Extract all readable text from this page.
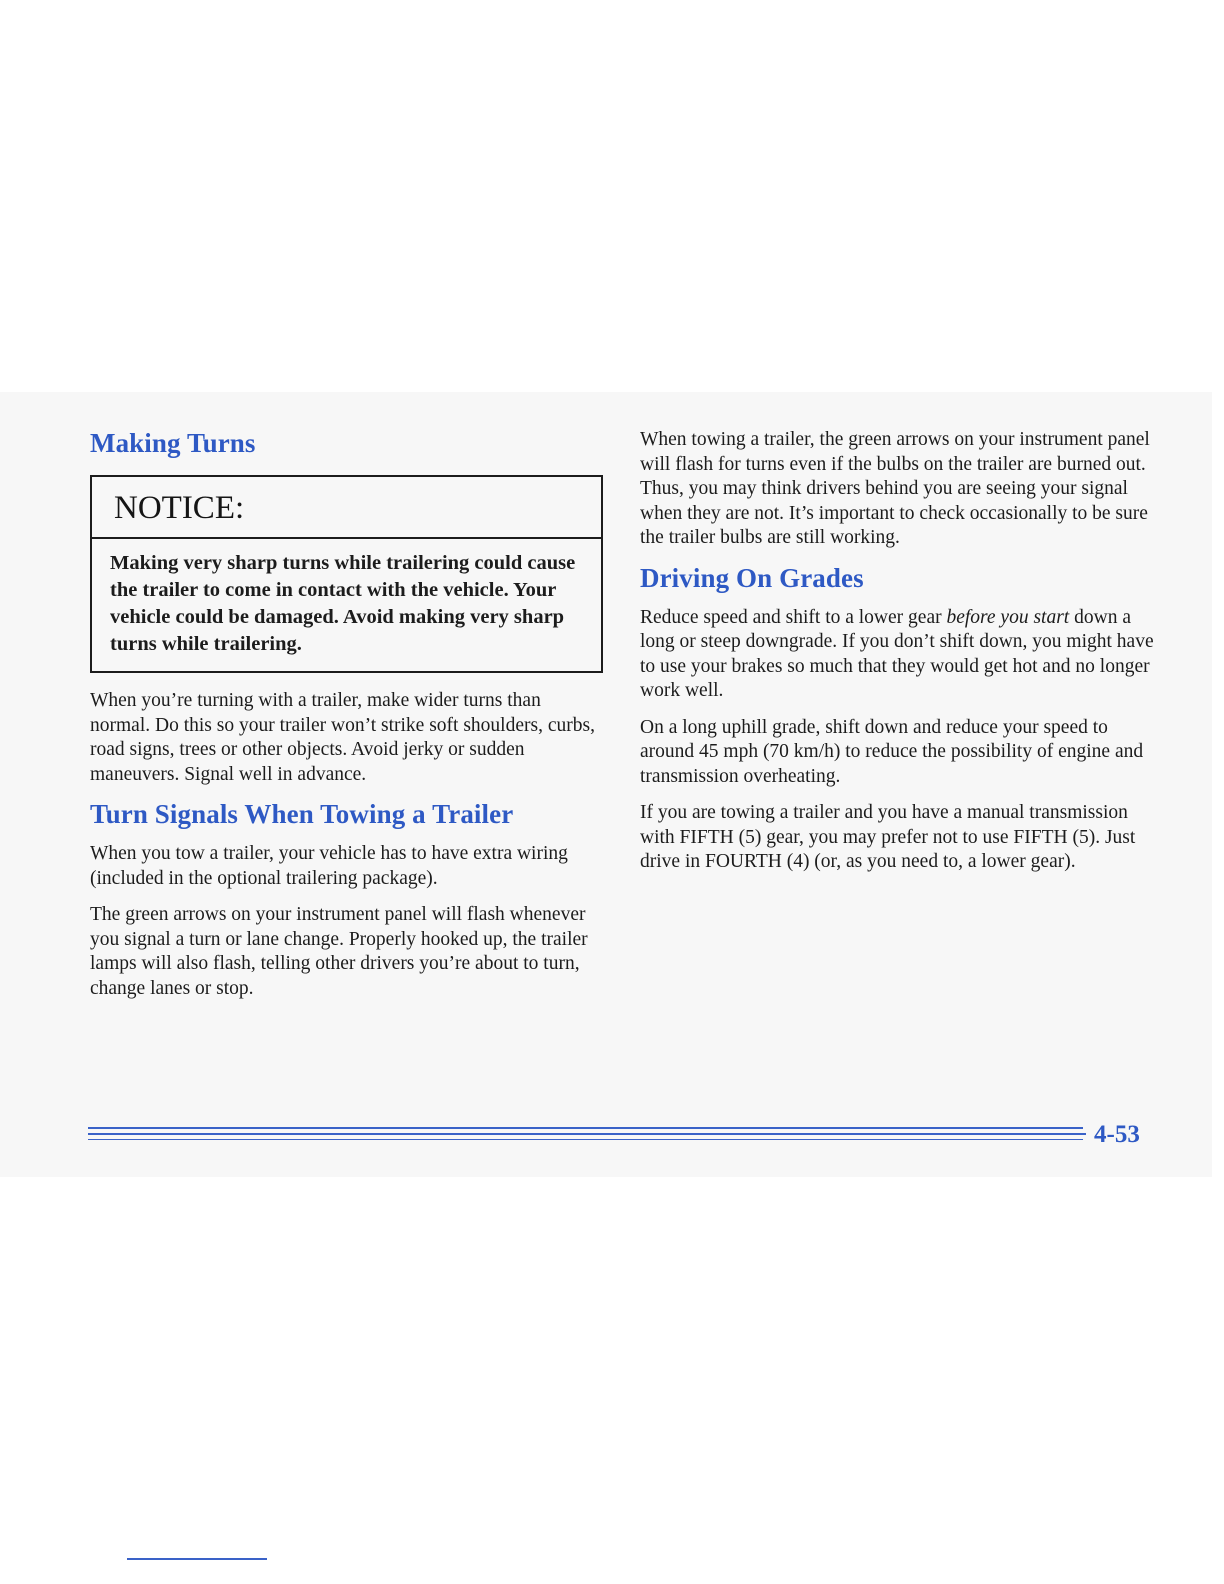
Making Turns
NOTICE:
Making very sharp turns while trailering could cause the trailer to come in contact with the vehicle. Your vehicle could be damaged. Avoid making very sharp turns while trailering.

When you’re turning with a trailer, make wider turns than normal. Do this so your trailer won’t strike soft shoulders, curbs, road signs, trees or other objects. Avoid jerky or sudden maneuvers. Signal well in advance.

Turn Signals When Towing a Trailer

When you tow a trailer, your vehicle has to have extra wiring (included in the optional trailering package).

The green arrows on your instrument panel will flash whenever you signal a turn or lane change. Properly hooked up, the trailer lamps will also flash, telling other drivers you’re about to turn, change lanes or stop.

When towing a trailer, the green arrows on your instrument panel will flash for turns even if the bulbs on the trailer are burned out. Thus, you may think drivers behind you are seeing your signal when they are not. It’s important to check occasionally to be sure the trailer bulbs are still working.

Driving On Grades

Reduce speed and shift to a lower gear before you start down a long or steep downgrade. If you don’t shift down, you might have to use your brakes so much that they would get hot and no longer work well.

On a long uphill grade, shift down and reduce your speed to around 45 mph (70 km/h) to reduce the possibility of engine and transmission overheating.

If you are towing a trailer and you have a manual transmission with FIFTH (5) gear, you may prefer not to use FIFTH (5). Just drive in FOURTH (4) (or, as you need to, a lower gear).

4-53
